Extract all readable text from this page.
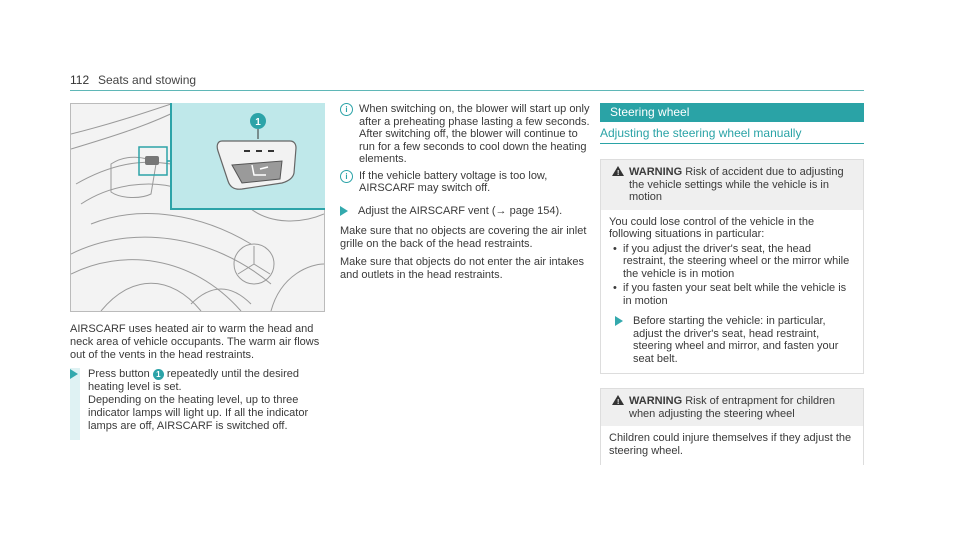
112 Seats and stowing
1

AIRSCARF uses heated air to warm the head and neck area of vehicle occupants. The warm air flows out of the vents in the head restraints.

Press button 1 repeatedly until the desired heating level is set.
Depending on the heating level, up to three indicator lamps will light up. If all the indicator lamps are off, AIRSCARF is switched off.
i	When switching on, the blower will start up only after a preheating phase lasting a few seconds.
After switching off, the blower will continue to run for a few seconds to cool down the heating elements.
i	If the vehicle battery voltage is too low, AIRSCARF may switch off.
Adjust the AIRSCARF vent (→ page 154).

Make sure that no objects are covering the air inlet grille on the back of the head restraints.

Make sure that objects do not enter the air intakes and outlets in the head restraints.

Steering wheel
Adjusting the steering wheel manually
! WARNING Risk of accident due to adjusting the vehicle settings while the vehicle is in motion
You could lose control of the vehicle in the following situations in particular:
• if you adjust the driver's seat, the head restraint, the steering wheel or the mirror while the vehicle is in motion
• if you fasten your seat belt while the vehicle is in motion
Before starting the vehicle: in particular, adjust the driver's seat, head restraint, steering wheel and mirror, and fasten your seat belt.
! WARNING Risk of entrapment for children when adjusting the steering wheel
Children could injure themselves if they adjust the steering wheel.
